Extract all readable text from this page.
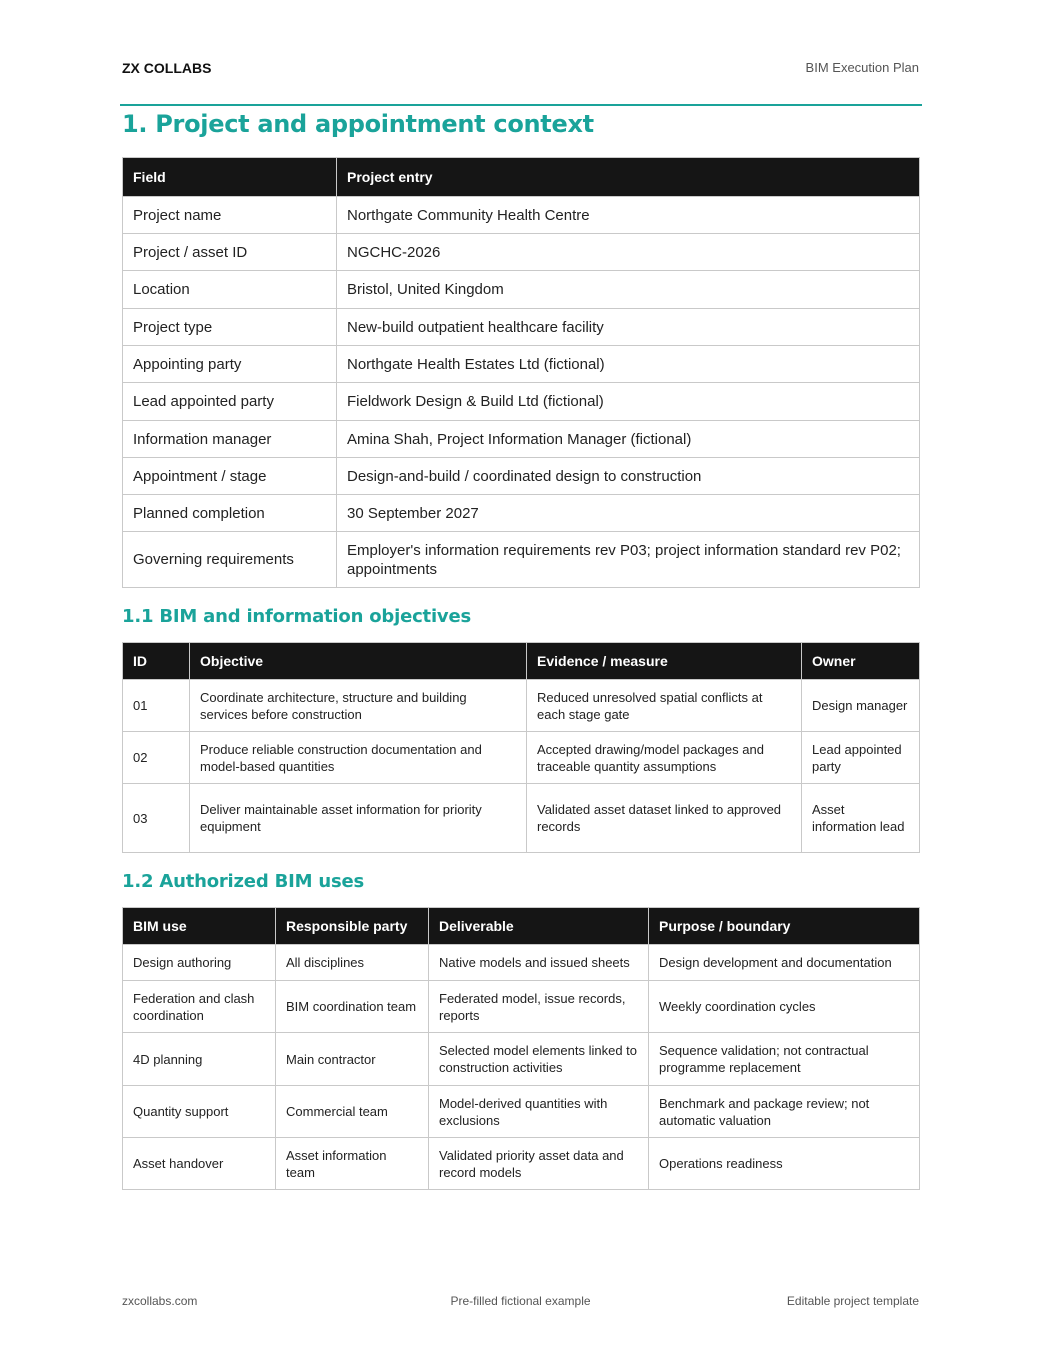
ZX COLLABS	BIM Execution Plan
1. Project and appointment context
Field	Project entry
Project name	Northgate Community Health Centre
Project / asset ID	NGCHC-2026
Location	Bristol, United Kingdom
Project type	New-build outpatient healthcare facility
Appointing party	Northgate Health Estates Ltd (fictional)
Lead appointed party	Fieldwork Design & Build Ltd (fictional)
Information manager	Amina Shah, Project Information Manager (fictional)
Appointment / stage	Design-and-build / coordinated design to construction
Planned completion	30 September 2027
Governing requirements	Employer's information requirements rev P03; project information standard rev P02; appointments
1.1 BIM and information objectives
ID	Objective	Evidence / measure	Owner
01	Coordinate architecture, structure and building services before construction	Reduced unresolved spatial conflicts at each stage gate	Design manager
02	Produce reliable construction documentation and model-based quantities	Accepted drawing/model packages and traceable quantity assumptions	Lead appointed party
03	Deliver maintainable asset information for priority equipment	Validated asset dataset linked to approved records	Asset information lead
1.2 Authorized BIM uses
BIM use	Responsible party	Deliverable	Purpose / boundary
Design authoring	All disciplines	Native models and issued sheets	Design development and documentation
Federation and clash coordination	BIM coordination team	Federated model, issue records, reports	Weekly coordination cycles
4D planning	Main contractor	Selected model elements linked to construction activities	Sequence validation; not contractual programme replacement
Quantity support	Commercial team	Model-derived quantities with exclusions	Benchmark and package review; not automatic valuation
Asset handover	Asset information team	Validated priority asset data and record models	Operations readiness
zxcollabs.com	Pre-filled fictional example	Editable project template
